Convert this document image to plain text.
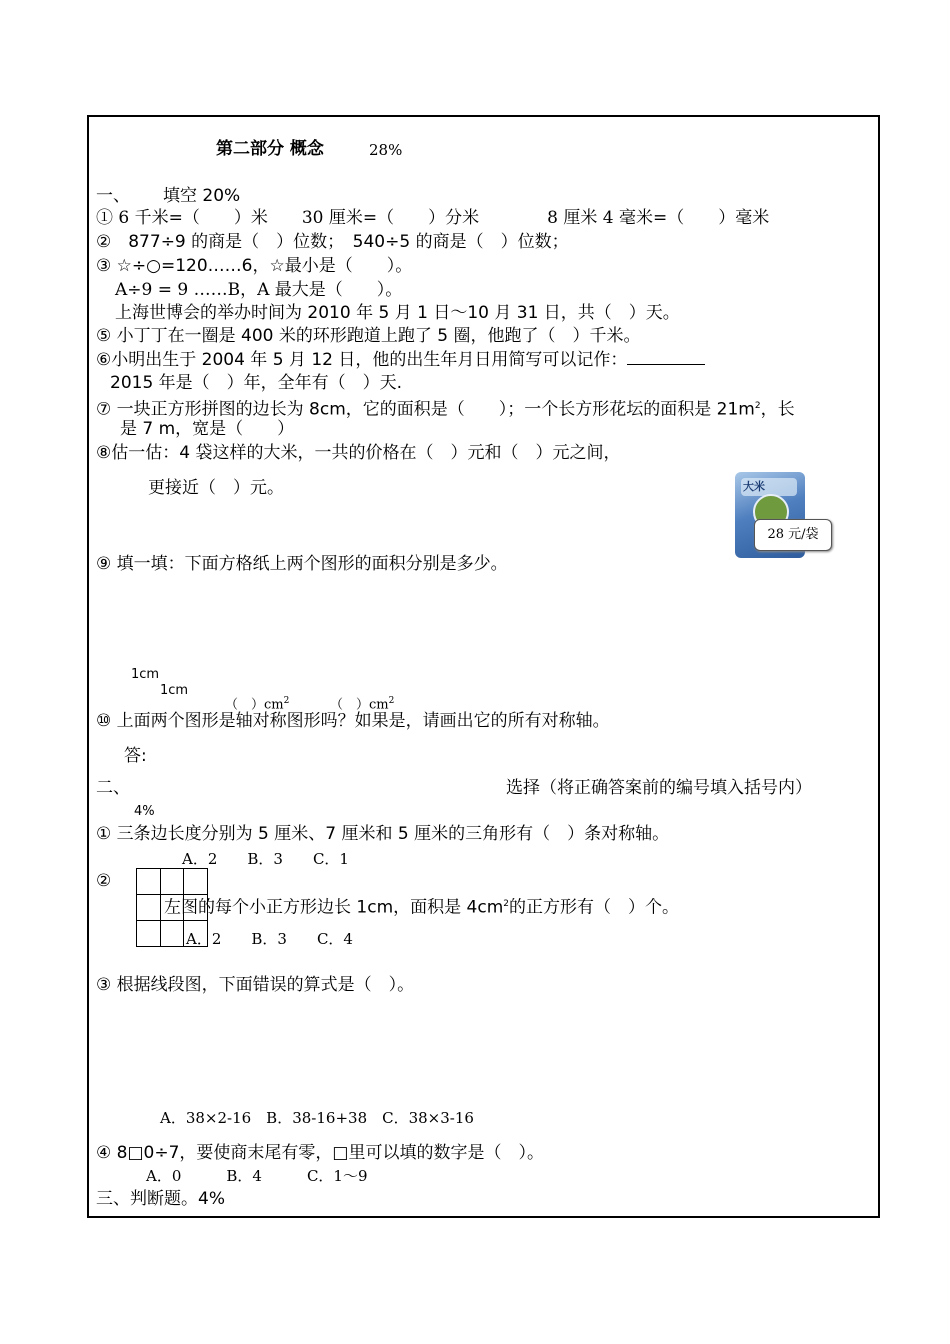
第二部分 概念	28%
一、 填空 20%
① 6 千米=（　　）米　　30 厘米=（　　）分米　　　　8 厘米 4 毫米=（　　）毫米
②　877÷9 的商是（　）位数；　540÷5 的商是（　）位数；
③ ☆÷○=120……6，☆最小是（　　）。
A÷9 = 9 ……B，A 最大是（　　）。
上海世博会的举办时间为 2010 年 5 月 1 日～10 月 31 日，共（　）天。
⑤ 小丁丁在一圈是 400 米的环形跑道上跑了 5 圈，他跑了（　）千米。
⑥小明出生于 2004 年 5 月 12 日，他的出生年月日用简写可以记作：
2015 年是（　）年，全年有（　）天.
⑦ 一块正方形拼图的边长为 8cm，它的面积是（　　）；一个长方形花坛的面积是 $21m^2$，长
是 7 m，宽是（　　）
⑧估一估：4 袋这样的大米，一共的价格在（　）元和（　）元之间，
更接近（　）元。	大米
28 元/袋
⑨ 填一填：下面方格纸上两个图形的面积分别是多少。
1cm
1cm
（　）$cm^2$	（　）$cm^2$
⑩ 上面两个图形是轴对称图形吗？如果是，请画出它的所有对称轴。
答:
二、	选择（将正确答案前的编号填入括号内）
4%
① 三条边长度分别为 5 厘米、7 厘米和 5 厘米的三角形有（　）条对称轴。
A．2　　B．3　　C．1
②

左图的每个小正方形边长 1cm，面积是 $4cm^2$的正方形有（　）个。
A．2　　B．3　　C．4
③ 根据线段图，下面错误的算式是（　）。
A．38×2-16　B．38-16+38　C．38×3-16
④ 8□0÷7，要使商末尾有零，□里可以填的数字是（　）。
A．0　　　B．4　　　C．1～9
三、判断题。4%
